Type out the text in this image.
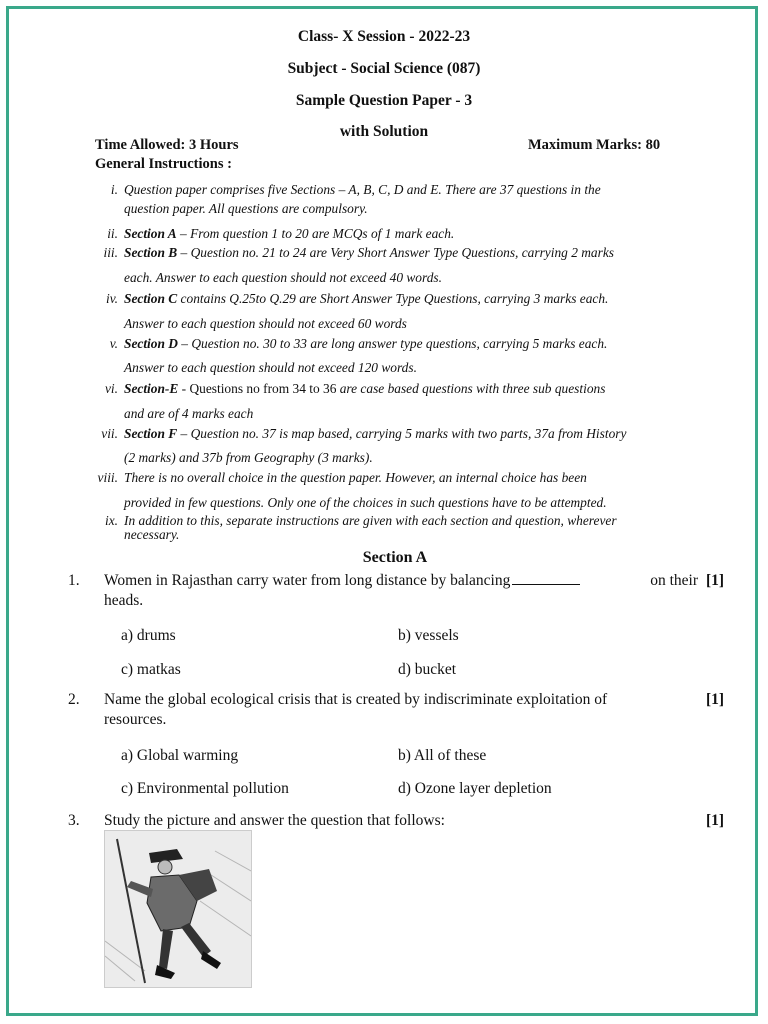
Class- X Session - 2022-23
Subject - Social Science (087)
Sample Question Paper - 3
with Solution
Time Allowed: 3 Hours	Maximum Marks: 80
General Instructions :
i. Question paper comprises five Sections – A, B, C, D and E. There are 37 questions in the
question paper. All questions are compulsory.
ii. Section A – From question 1 to 20 are MCQs of 1 mark each.
iii. Section B – Question no. 21 to 24 are Very Short Answer Type Questions, carrying 2 marks
each. Answer to each question should not exceed 40 words.
iv. Section C contains Q.25to Q.29 are Short Answer Type Questions, carrying 3 marks each.
Answer to each question should not exceed 60 words
v. Section D – Question no. 30 to 33 are long answer type questions, carrying 5 marks each.
Answer to each question should not exceed 120 words.
vi. Section-E - Questions no from 34 to 36 are case based questions with three sub questions
and are of 4 marks each
vii. Section F – Question no. 37 is map based, carrying 5 marks with two parts, 37a from History
(2 marks) and 37b from Geography (3 marks).
viii. There is no overall choice in the question paper. However, an internal choice has been
provided in few questions. Only one of the choices in such questions have to be attempted.
ix. In addition to this, separate instructions are given with each section and question, wherever
necessary.
Section A
1. Women in Rajasthan carry water from long distance by balancing	on their
heads.
[1]
a) drums	b) vessels
c) matkas	d) bucket
2. Name the global ecological crisis that is created by indiscriminate exploitation of
resources.
[1]
a) Global warming	b) All of these
c) Environmental pollution	d) Ozone layer depletion
3. Study the picture and answer the question that follows:	[1]
